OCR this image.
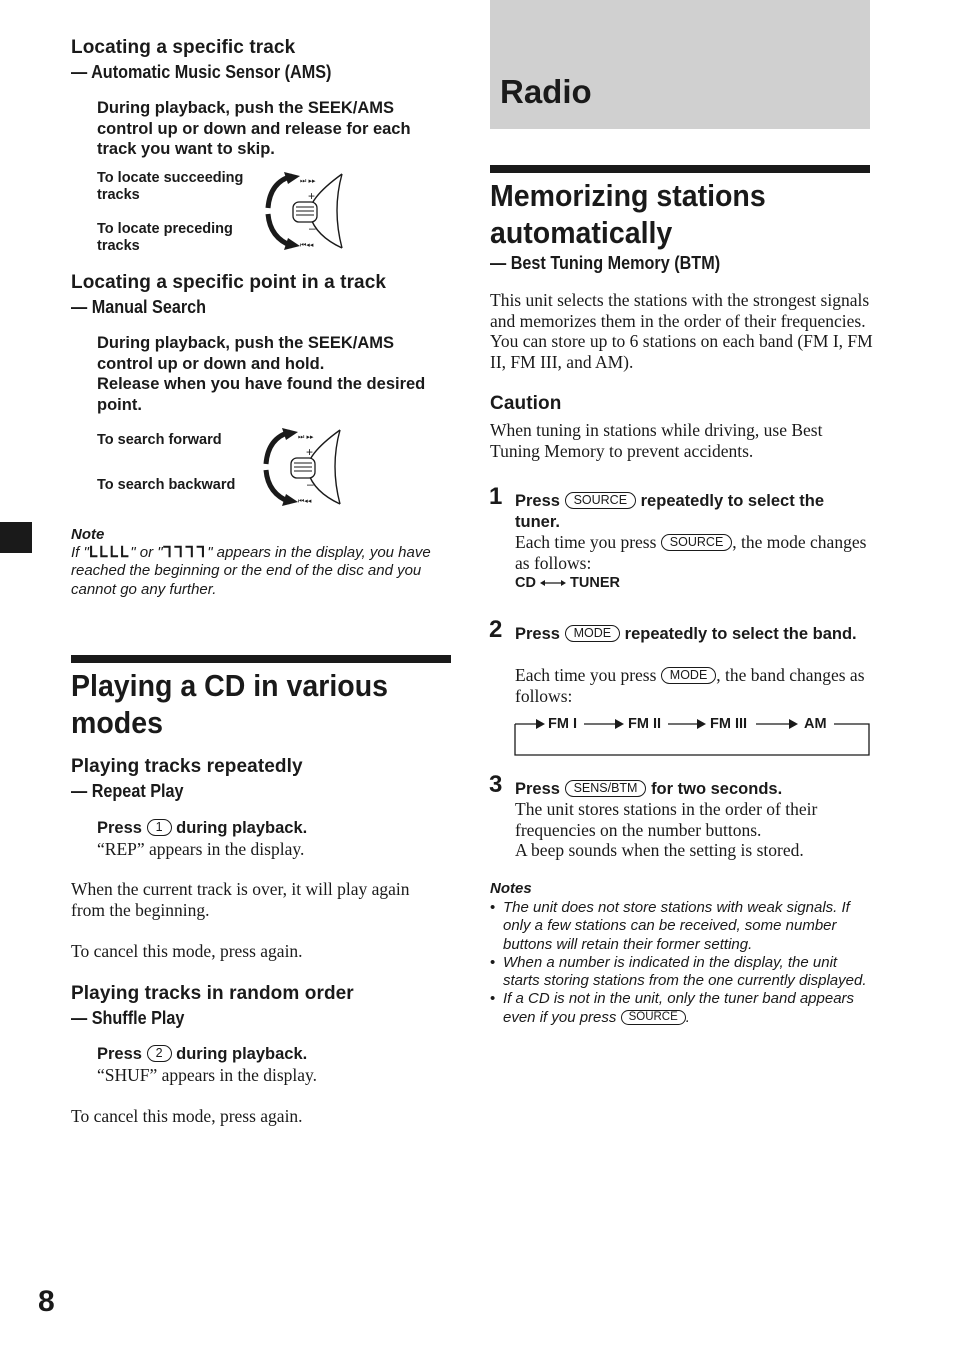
Locating a specific track
— Automatic Music Sensor (AMS)
During playback, push the SEEK/AMS control up or down and release for each track you want to skip.
To locate succeeding tracks
To locate preceding tracks
+
–
⏭ ▸▸
⏮◂◂
Locating a specific point in a track
— Manual Search
During playback, push the SEEK/AMS control up or down and hold.
Release when you have found the desired point.
To search forward
To search backward
+
–
⏭ ▸▸
⏮◂◂
Note
If "ᒪᒪᒪᒪ" or "ᒣᒣᒣᒣ" appears in the display, you have reached the beginning or the end of the disc and you cannot go any further.
Playing a CD in various modes
Playing tracks repeatedly
— Repeat Play
Press 1 during playback.
“REP” appears in the display.
When the current track is over, it will play again from the beginning.
To cancel this mode, press again.
Playing tracks in random order
— Shuffle Play
Press 2 during playback.
“SHUF” appears in the display.
To cancel this mode, press again.
8
Radio
Memorizing stations automatically
— Best Tuning Memory (BTM)
This unit selects the stations with the strongest signals and memorizes them in the order of their frequencies. You can store up to 6 stations on each band (FM I, FM II, FM III, and AM).
Caution
When tuning in stations while driving, use Best Tuning Memory to prevent accidents.
1 Press SOURCE repeatedly to select the tuner.
Each time you press SOURCE , the mode changes as follows:
CD TUNER
2 Press MODE repeatedly to select the band.
Each time you press MODE , the band changes as follows:
FM I	FM II	FM III	AM
3 Press SENS/BTM for two seconds.
The unit stores stations in the order of their frequencies on the number buttons.
A beep sounds when the setting is stored.
Notes
• The unit does not store stations with weak signals. If only a few stations can be received, some number buttons will retain their former setting.
• When a number is indicated in the display, the unit starts storing stations from the one currently displayed.
• If a CD is not in the unit, only the tuner band appears even if you press SOURCE .
